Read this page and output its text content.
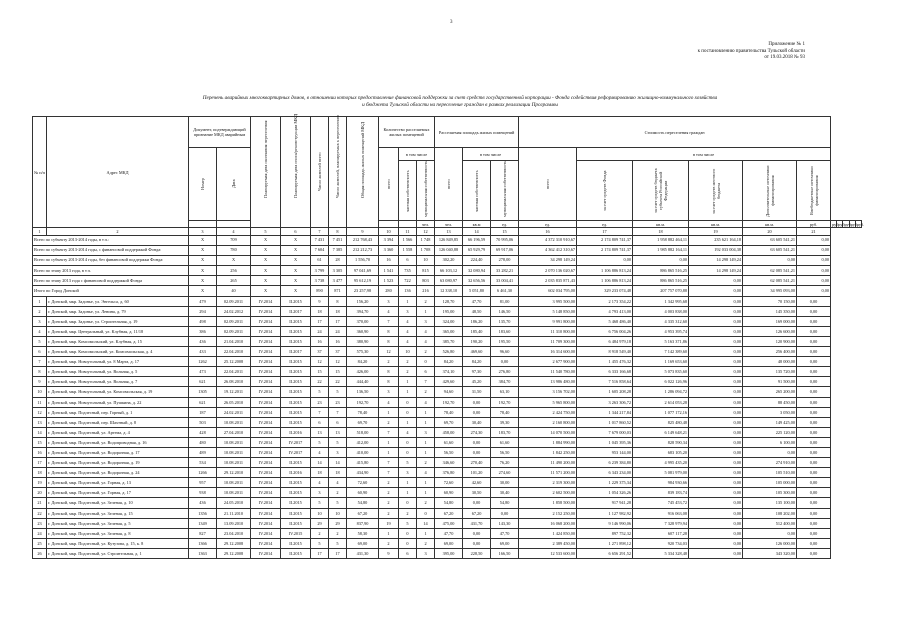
3
Приложение № 1
к постановлению правительства Тульской области
от 19.03.2018 № 93
Перечень аварийных многоквартирных домов, в отношении которых предоставление финансовой поддержки за счет средств государственной корпорации - Фонда содействия реформированию жилищно-коммунального хозяйства
и бюджета Тульской области на переселение граждан в рамках реализации Программы
№ п/п	Адрес МКД	Документ, подтверждающий признание МКД аварийным		Планируемая дата окончания переселения	Планируемая дата сноса/реконструкции МКД	Число жителей всего	Число жителей, планируемых к переселению	Общая площадь жилых помещений МКД	Количество расселяемых жилых помещений			Расселяемая площадь жилых помещений			Стоимость переселения граждан										

		Номер	Дата						всего	в том числе		всего	в том числе		всего	в том числе									

										частная собственность	муниципальная собственность		частная собственность	муниципальная собственность		за счет средств Фонда	за счет средств бюджета субъекта Российской Федерации	за счет средств местного бюджета	Дополнительные источники финансирования	Внебюджетные источники финансирования					

											чел.	чел.	кв.м	ед.	ед.	ед.	кв.м.	кв.м.	кв.м.	руб.	руб.	руб.	руб.	руб.	руб.
1	2	3	4	5	6	7	8	9	10	11	12	13	14	15	16	17	18	19	20	21					
Всего по субъекту 2013-2014 годы, в т.ч.:		X	709	X	X	7 431	7 451	212 768,43	3 394	1 566	1 748	126 849,85	66 196,59	70 995,06	4 372 310 910,67	2 174 809 741,37	1 958 882 464,11	235 621 164,18	63 605 541,21	0,00					
Всего по субъекту 2013-2014 годы, с финансовой поддержкой Фонда:		X	780	X	X	7 604	7 385	212 212,73	3 360	1 558	1 708	126 040,88	65 929,79	69 917,06	4 362 412 310,67	2 174 809 741,37	1 985 882 164,11	192 033 004,38	63 605 541,21	0,00					
Всего по субъекту 2013-2014 годы, без финансовой поддержки Фонда:		X	X	X	X	61	28	1 556,70	16	6	10	302,20	224,40	278,00	34 298 149,24	0,00	0,00	14 298 149,24	0,00	0,00					
Всего по этапу 2013 года, в т.ч.		X	256	X	X	3 799	3 305	97 041,69	1 541	735	815	66 103,12	32 080,94	33 282,21	2 070 136 020,67	1 106 886 813,24	886 865 516,25	14 298 149,24	62 085 541,21	0,00					
Всего по этапу 2013 года с финансовой поддержкой Фонда		X	265	X	X	3 738	3 477	95 612,19	1 523	722	803	63 080,97	32 656,56	33 004,41	2 035 835 871,43	1 106 886 813,24	886 865 516,25	0,00	62 085 541,21	0,00					
Итого по Город Донской		X	40	X	X	890	871	23 257,98	280	136	216	12 338,10	5 051,80	6 461,30	602 034 795,00	329 233 074,48	207 757 070,88	0,00	34 995 093,00	0,00					
1	г. Донской, мкр. Задонье, ул. Энгельса, д. 60	479	02.09.2011	IV.2014	II.2015	9	8	156,20	3	1	2	128,70	47,70	81,00	3 995 500,00	2 173 354,22	1 342 995,68	0,00	70 150,00	0,00					
2	г. Донской, мкр. Задонье, ул. Ленина, д. 79	294	24.02.2012	IV.2014	II.2017	18	18	394,70	4	3	1	195,00	48,50	146,50	5 148 850,00	4 793 413,00	4 003 838,00	0,00	145 350,00	0,00					
3	г. Донской, мкр. Задонье, ул. Строительная, д. 19	498	02.09.2011	IV.2014	II.2015	17	17	370,00	7	4	3	324,00	186,20	135,70	9 991 800,00	5 468 486,40	4 335 312,60	0,00	169 000,00	0,00					
4	г. Донской, мкр. Центральный, ул. Клубная, д. 11/18	386	02.09.2011	IV.2014	II.2015	24	24	360,90	8	4	4	365,00	185,40	183,60	11 310 800,00	6 756 004,26	4 953 395,74	0,00	126 600,00	0,00					
5	г. Донской, мкр. Комсомольский, ул. Клубная, д. 15	436	21.04.2010	IV.2014	II.2015	16	16	380,90	8	4	4	385,70	190,20	195,50	11 709 300,00	6 484 979,18	5 163 371,86	0,00	120 900,00	0,00					
6	г. Донской, мкр. Комсомольский, ул. Комсомольская, д. 4	433	22.04.2010	IV.2014	II.2017	37	37	575,30	12	10	2	526,80	469,60	96,60	16 314 600,00	8 918 549,40	7 142 389,60	0,00	256 400,00	0,00					
7	г. Донской, мкр. Новоугольный, ул. 8 Марта, д. 17	1262	25.12.2008	IV.2014	II.2015	12	12	84,20	2	2	0	84,20	84,20	0,00	2 677 900,00	1 455 476,32	1 169 653,60	0,00	48 000,00	0,00					
8	г. Донской, мкр. Новоугольный, ул. Вольная, д. 5	473	22.04.2011	IV.2014	II.2015	15	15	426,00	8	2	6	374,10	97,30	276,80	11 540 780,00	6 333 166,68	5 073 835,60	0,00	135 720,00	0,00					
9	г. Донской, мкр. Новоугольный, ул. Вольная, д. 7	621	26.08.2010	IV.2014	II.2015	22	22	444,40	8	1	7	429,60	45,20	384,70	13 986 480,00	7 516 858,64	6 022 126,96	0,00	91 500,00	0,00					
10	г. Донской, мкр. Новоугольный, ул. Комсомольская, д. 19	1305	19.12.2011	IV.2014	II.2015	5	5	136,50	3	1	2	94,60	31,50	63,10	3 156 702,00	1 605 208,28	1 286 094,72	0,00	265 200,00	0,00					
11	г. Донской, мкр. Новоугольный, ул. Пушкина, д. 22	621	26.05.2010	IV.2014	II.2015	23	23	192,70	4	0	4	192,70	0,00	192,70	5 965 800,00	3 263 306,72	2 614 053,28	0,00	88 450,00	0,00					
12	г. Донской, мкр. Подлесный, пер. Горный, д. 1	187	24.02.2011	IV.2014	II.2015	7	7	78,40	1	0	1	78,40	0,00	78,40	2 424 750,00	1 344 217,84	1 077 172,16	0,00	3 050,00	0,00					
13	г. Донской, мкр. Подлесный, пер. Шахтный, д. 8	503	10.08.2011	IV.2014	II.2015	6	6	69,70	2	1	1	69,70	30,40	39,30	2 160 800,00	1 017 860,52	825 480,48	0,00	149 425,00	0,00					
14	г. Донской, мкр. Подлесный, ул. Артема, д. 4	428	27.04.2010	IV.2014	II.2016	13	13	518,00	7	4	3	458,00	274,30	183,70	14 070 500,00	7 679 000,03	6 149 648,21	0,00	225 120,00	0,00					
15	г. Донской, мкр. Подлесный, ул. Водопроводная, д. 16	480	10.08.2011	IV.2014	IV.2017	5	5	412,00	1	0	1	61,60	0,00	61,60	1 884 990,00	1 045 395,36	828 590,34	0,00	6 100,00	0,00					
16	г. Донской, мкр. Подлесный, ул. Водоразная, д. 17	489	10.08.2011	IV.2014	IV.2017	4	3	410,00	1	0	1	56,50	0,00	56,50	1 842 250,00	953 144,00	683 105,20	0,00	0,00	0,00					
17	г. Донской, мкр. Подлесный, ул. Водоразная, д. 19	534	10.08.2011	IV.2014	II.2015	14	14	415,80	7	5	2	346,60	270,40	76,20	11 490 200,00	6 239 384,80	4 995 435,20	0,00	274 910,00	0,00					
18	г. Донской, мкр. Подлесный, ул. Водоразная, д. 24	1266	29.12.2010	IV.2014	II.2016	18	18	434,90	7	3	4	376,80	101,20	274,60	11 571 200,00	6 343 234,00	5 081 979,00	0,00	105 510,00	0,00					
19	г. Донской, мкр. Подлесный, ул. Горная, д. 13	957	10.08.2011	IV.2014	II.2015	4	4	72,60	2	1	1	72,60	42,60	30,00	2 319 300,00	1 229 375,34	984 930,66	0,00	105 000,00	0,00					
20	г. Донской, мкр. Подлесный, ул. Горная, д. 17	938	10.08.2011	IV.2014	II.2015	3	2	60,90	2	1	1	60,90	30,50	30,40	2 602 500,00	1 054 326,26	839 183,74	0,00	105 300,00	0,00					
21	г. Донской, мкр. Подлесный, ул. Зеленая, д. 10	436	24.05.2010	IV.2014	II.2015	5	5	54,80	2	0	2	54,80	0,00	54,80	1 858 500,00	917 941,28	745 453,72	0,00	135 100,00	0,00					
22	г. Донской, мкр. Подлесный, ул. Зеленая, д. 15	1356	21.11.2010	IV.2014	II.2015	10	10	67,20	2	2	0	67,20	67,20	0,00	2 152 250,00	1 127 982,92	916 063,08	0,00	108 202,00	0,00					
23	г. Донской, мкр. Подлесный, ул. Зеленая, д. 5	1349	13.09.2010	IV.2014	II.2015	29	29	837,90	19	5	14	475,00	431,70	143,30	16 068 200,00	9 146 990,06	7 328 979,94	0,00	512 400,00	0,00					
24	г. Донской, мкр. Подлесный, ул. Зеленая, д. 8	827	23.04.2010	IV.2014	IV.2015	2	2	58,30	1	0	1	47,70	0,00	47,70	1 424 850,00	897 752,32	607 117,28	0,00	0,00	0,00					
25	г. Донской, мкр. Подлесный, ул. Кутузова, д. 15, к. 8	1366	29.12.2008	IV.2014	II.2015	5	5	69,00	2	0	2	69,00	0,00	69,00	2 389 450,00	1 271 898,12	920 734,03	0,00	126 000,00	0,00					
26	г. Донской, мкр. Подлесный, ул. Строительная, д. 1	1363	29.12.2008	IV.2014	II.2015	17	17	431,30	9	6	3	395,00	228,50	166,50	12 533 600,00	6 656 291,52	5 334 328,48	0,00	343 320,00	0,00					
